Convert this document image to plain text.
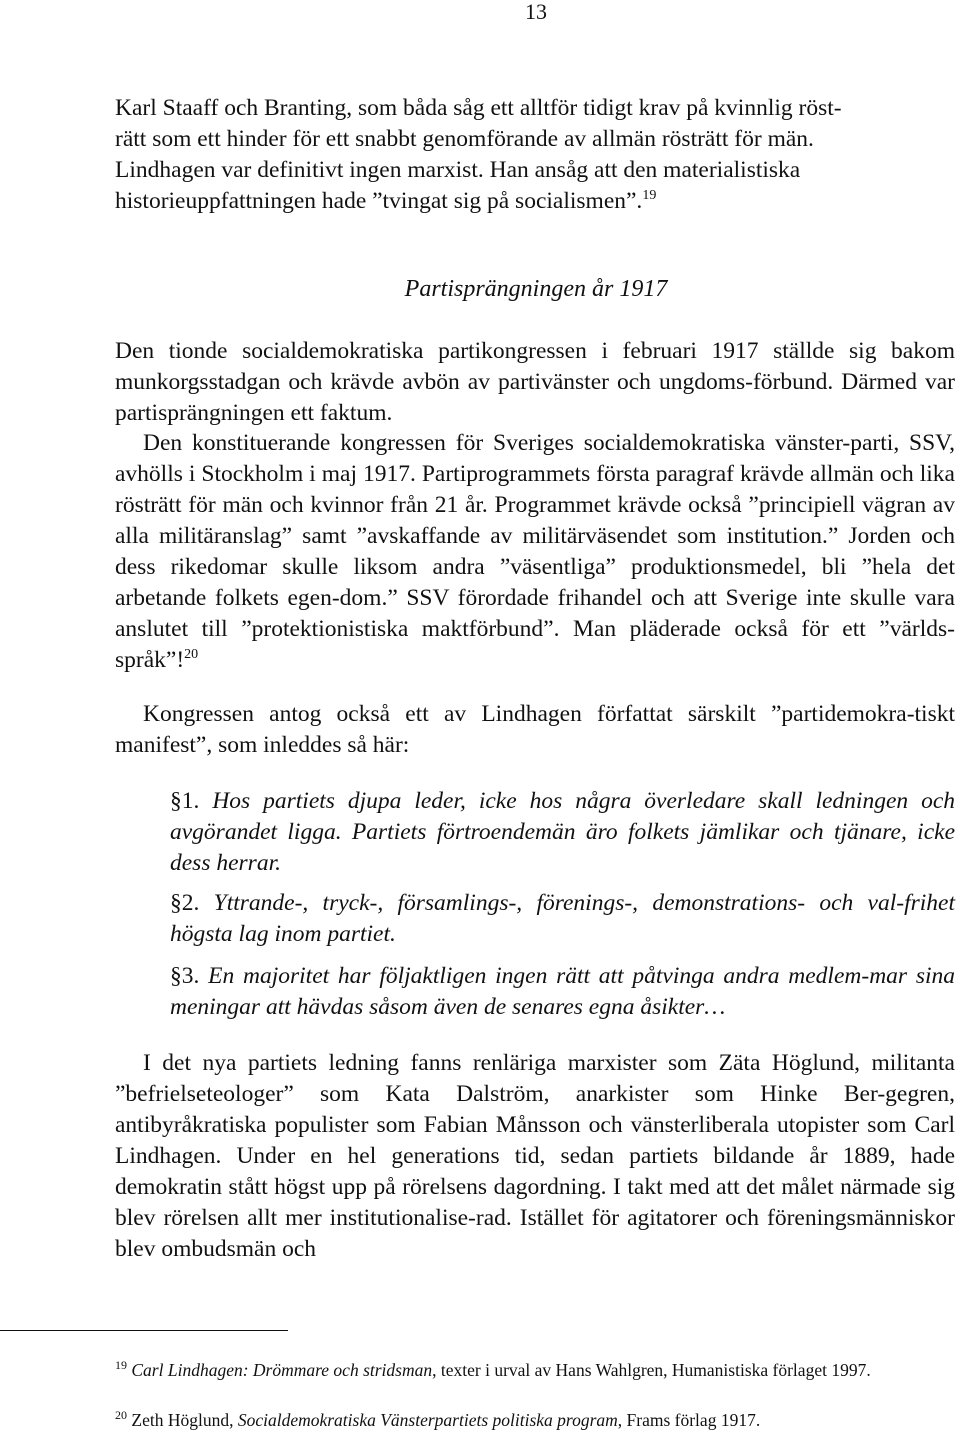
13

Karl Staaff och Branting, som båda såg ett alltför tidigt krav på kvinnlig röst-
rätt som ett hinder för ett snabbt genomförande av allmän rösträtt för män.
Lindhagen var definitivt ingen marxist. Han ansåg att den materialistiska
historieuppfattningen hade ”tvingat sig på socialismen”.$^{19}$

Partisprängningen år 1917

Den tionde socialdemokratiska partikongressen i februari 1917 ställde sig bakom munkorgsstadgan och krävde avbön av partivänster och ungdoms-förbund. Därmed var partisprängningen ett faktum.

Den konstituerande kongressen för Sveriges socialdemokratiska vänster-parti, SSV, avhölls i Stockholm i maj 1917. Partiprogrammets första paragraf krävde allmän och lika rösträtt för män och kvinnor från 21 år. Programmet krävde också ”principiell vägran av alla militäranslag” samt ”avskaffande av militärväsendet som institution.” Jorden och dess rikedomar skulle liksom andra ”väsentliga” produktionsmedel, bli ”hela det arbetande folkets egen-dom.” SSV förordade frihandel och att Sverige inte skulle vara anslutet till ”protektionistiska maktförbund”. Man pläderade också för ett ”världs-språk”!$^{20}$

Kongressen antog också ett av Lindhagen författat särskilt ”partidemokra-tiskt manifest”, som inleddes så här:

§1. Hos partiets djupa leder, icke hos några överledare skall ledningen och avgörandet ligga. Partiets förtroendemän äro folkets jämlikar och tjänare, icke dess herrar.

§2. Yttrande-, tryck-, församlings-, förenings-, demonstrations- och val-frihet högsta lag inom partiet.

§3. En majoritet har följaktligen ingen rätt att påtvinga andra medlem-mar sina meningar att hävdas såsom även de senares egna åsikter…

I det nya partiets ledning fanns renläriga marxister som Zäta Höglund, militanta ”befrielseteologer” som Kata Dalström, anarkister som Hinke Ber-gegren, antibyråkratiska populister som Fabian Månsson och vänsterliberala utopister som Carl Lindhagen. Under en hel generations tid, sedan partiets bildande år 1889, hade demokratin stått högst upp på rörelsens dagordning. I takt med att det målet närmade sig blev rörelsen allt mer institutionalise-rad. Istället för agitatorer och föreningsmänniskor blev ombudsmän och

$^{19}$ Carl Lindhagen: Drömmare och stridsman, texter i urval av Hans Wahlgren, Humanistiska förlaget 1997.

$^{20}$ Zeth Höglund, Socialdemokratiska Vänsterpartiets politiska program, Frams förlag 1917.
